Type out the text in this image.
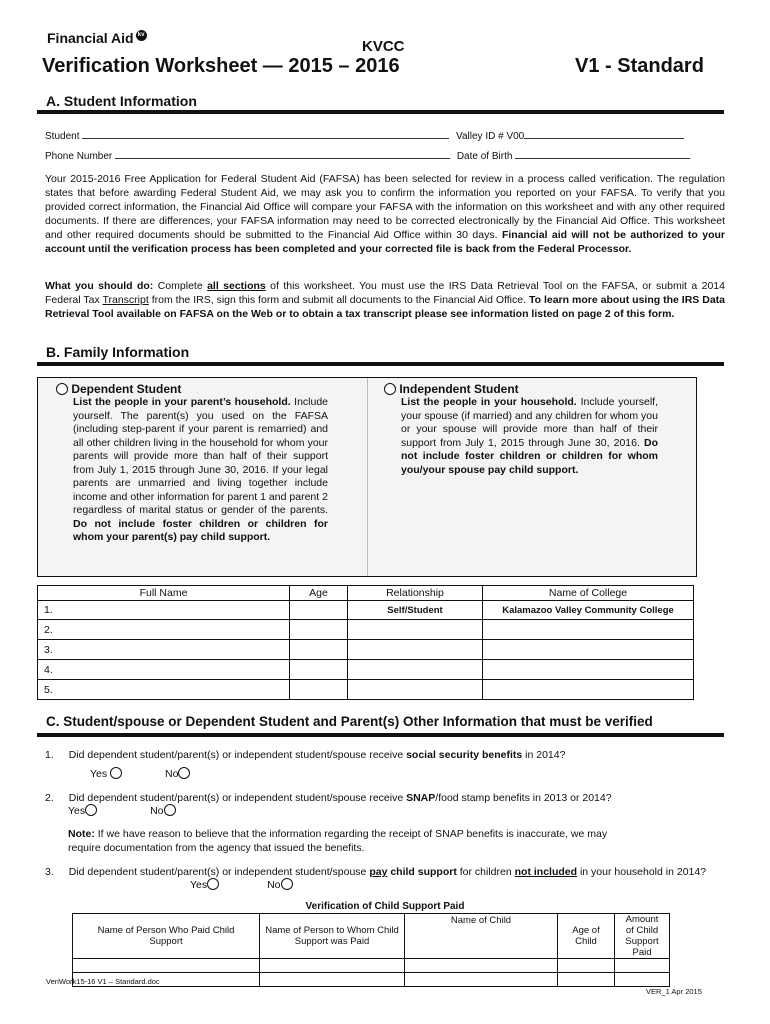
Financial Aid kv
KVCC
Verification Worksheet — 2015 – 2016	V1 - Standard
A. Student Information
Student	Valley ID # V00
Phone Number	Date of Birth
Your 2015-2016 Free Application for Federal Student Aid (FAFSA) has been selected for review in a process called verification. The regulation states that before awarding Federal Student Aid, we may ask you to confirm the information you reported on your FAFSA. To verify that you provided correct information, the Financial Aid Office will compare your FAFSA with the information on this worksheet and with any other required documents. If there are differences, your FAFSA information may need to be corrected electronically by the Financial Aid Office. This worksheet and other required documents should be submitted to the Financial Aid Office within 30 days. Financial aid will not be authorized to your account until the verification process has been completed and your corrected file is back from the Federal Processor.
What you should do: Complete all sections of this worksheet. You must use the IRS Data Retrieval Tool on the FAFSA, or submit a 2014 Federal Tax Transcript from the IRS, sign this form and submit all documents to the Financial Aid Office. To learn more about using the IRS Data Retrieval Tool available on FAFSA on the Web or to obtain a tax transcript please see information listed on page 2 of this form.
B. Family Information
Dependent Student
List the people in your parent’s household. Include yourself. The parent(s) you used on the FAFSA (including step-parent if your parent is remarried) and all other children living in the household for whom your parents will provide more than half of their support from July 1, 2015 through June 30, 2016. If your legal parents are unmarried and living together include income and other information for parent 1 and parent 2 regardless of marital status or gender of the parents. Do not include foster children or children for whom your parent(s) pay child support.
Independent Student
List the people in your household. Include yourself, your spouse (if married) and any children for whom you or your spouse will provide more than half of their support from July 1, 2015 through June 30, 2016. Do not include foster children or children for whom you/your spouse pay child support.
Full Name	Age	Relationship	Name of College
1.		Self/Student	Kalamazoo Valley Community College
2.			
3.			
4.			
5.			
C. Student/spouse or Dependent Student and Parent(s) Other Information that must be verified
1. Did dependent student/parent(s) or independent student/spouse receive social security benefits in 2014?
Yes	No
2. Did dependent student/parent(s) or independent student/spouse receive SNAP/food stamp benefits in 2013 or 2014?
Yes	No
Note: If we have reason to believe that the information regarding the receipt of SNAP benefits is inaccurate, we may require documentation from the agency that issued the benefits.
3. Did dependent student/parent(s) or independent student/spouse pay child support for children not included in your household in 2014?
Yes	No
Verification of Child Support Paid
Name of Person Who Paid Child Support	Name of Person to Whom Child Support was Paid	Name of Child	Age of Child	Amount of Child Support Paid

VeriWork15-16 V1 – Standard.doc
VER_1 Apr 2015
